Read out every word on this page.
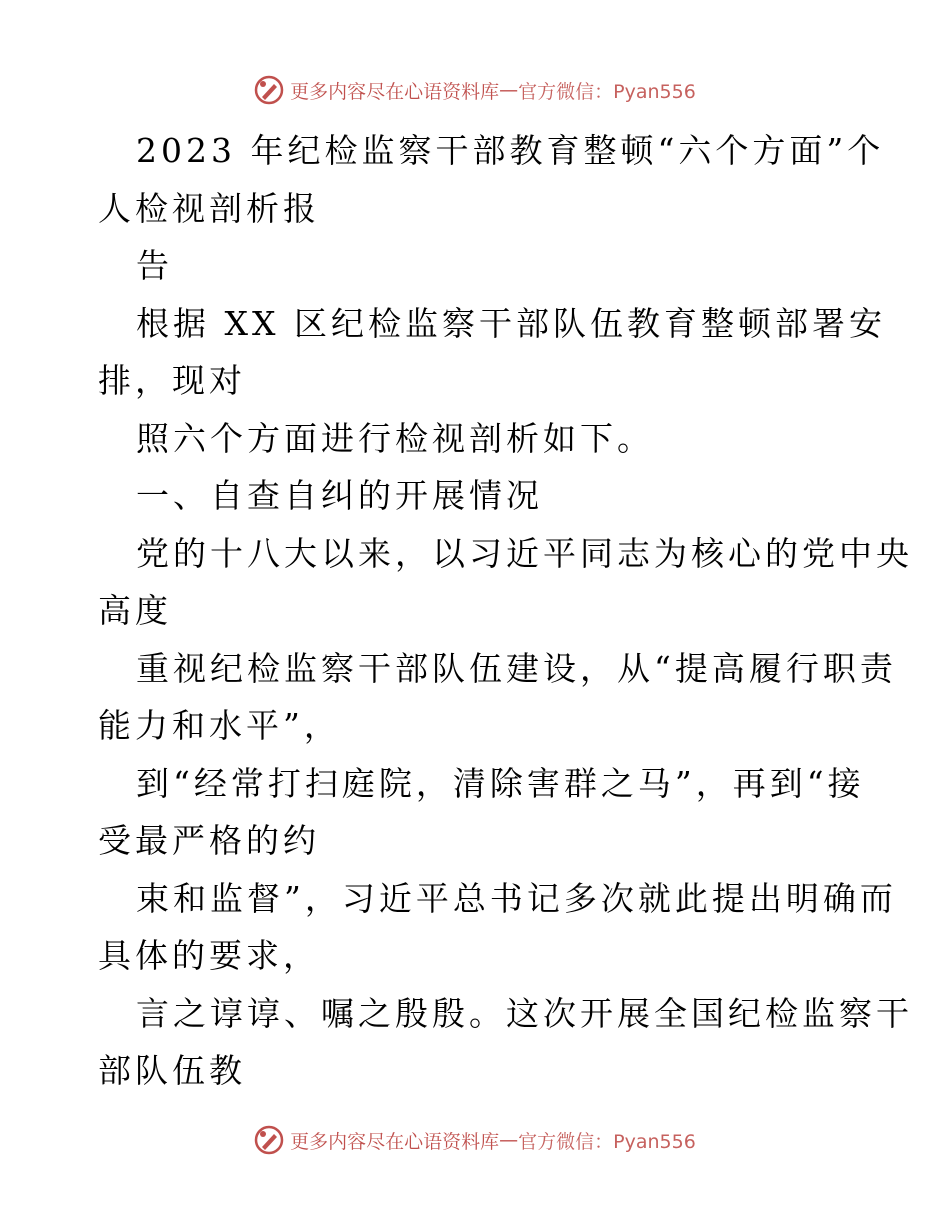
更多内容尽在心语资料库 — 官方微信：Pyan556
2023 年纪检监察干部教育整顿“六个方面”个
人检视剖析报
告
根据 XX 区纪检监察干部队伍教育整顿部署安
排，现对
照六个方面进行检视剖析如下。
一、自查自纠的开展情况
党的十八大以来，以习近平同志为核心的党中央
高度
重视纪检监察干部队伍建设，从“提高履行职责
能力和水平”，
到“经常打扫庭院，清除害群之马”，再到“接
受最严格的约
束和监督”，习近平总书记多次就此提出明确而
具体的要求，
言之谆谆、嘱之殷殷。这次开展全国纪检监察干
部队伍教
更多内容尽在心语资料库 — 官方微信：Pyan556
